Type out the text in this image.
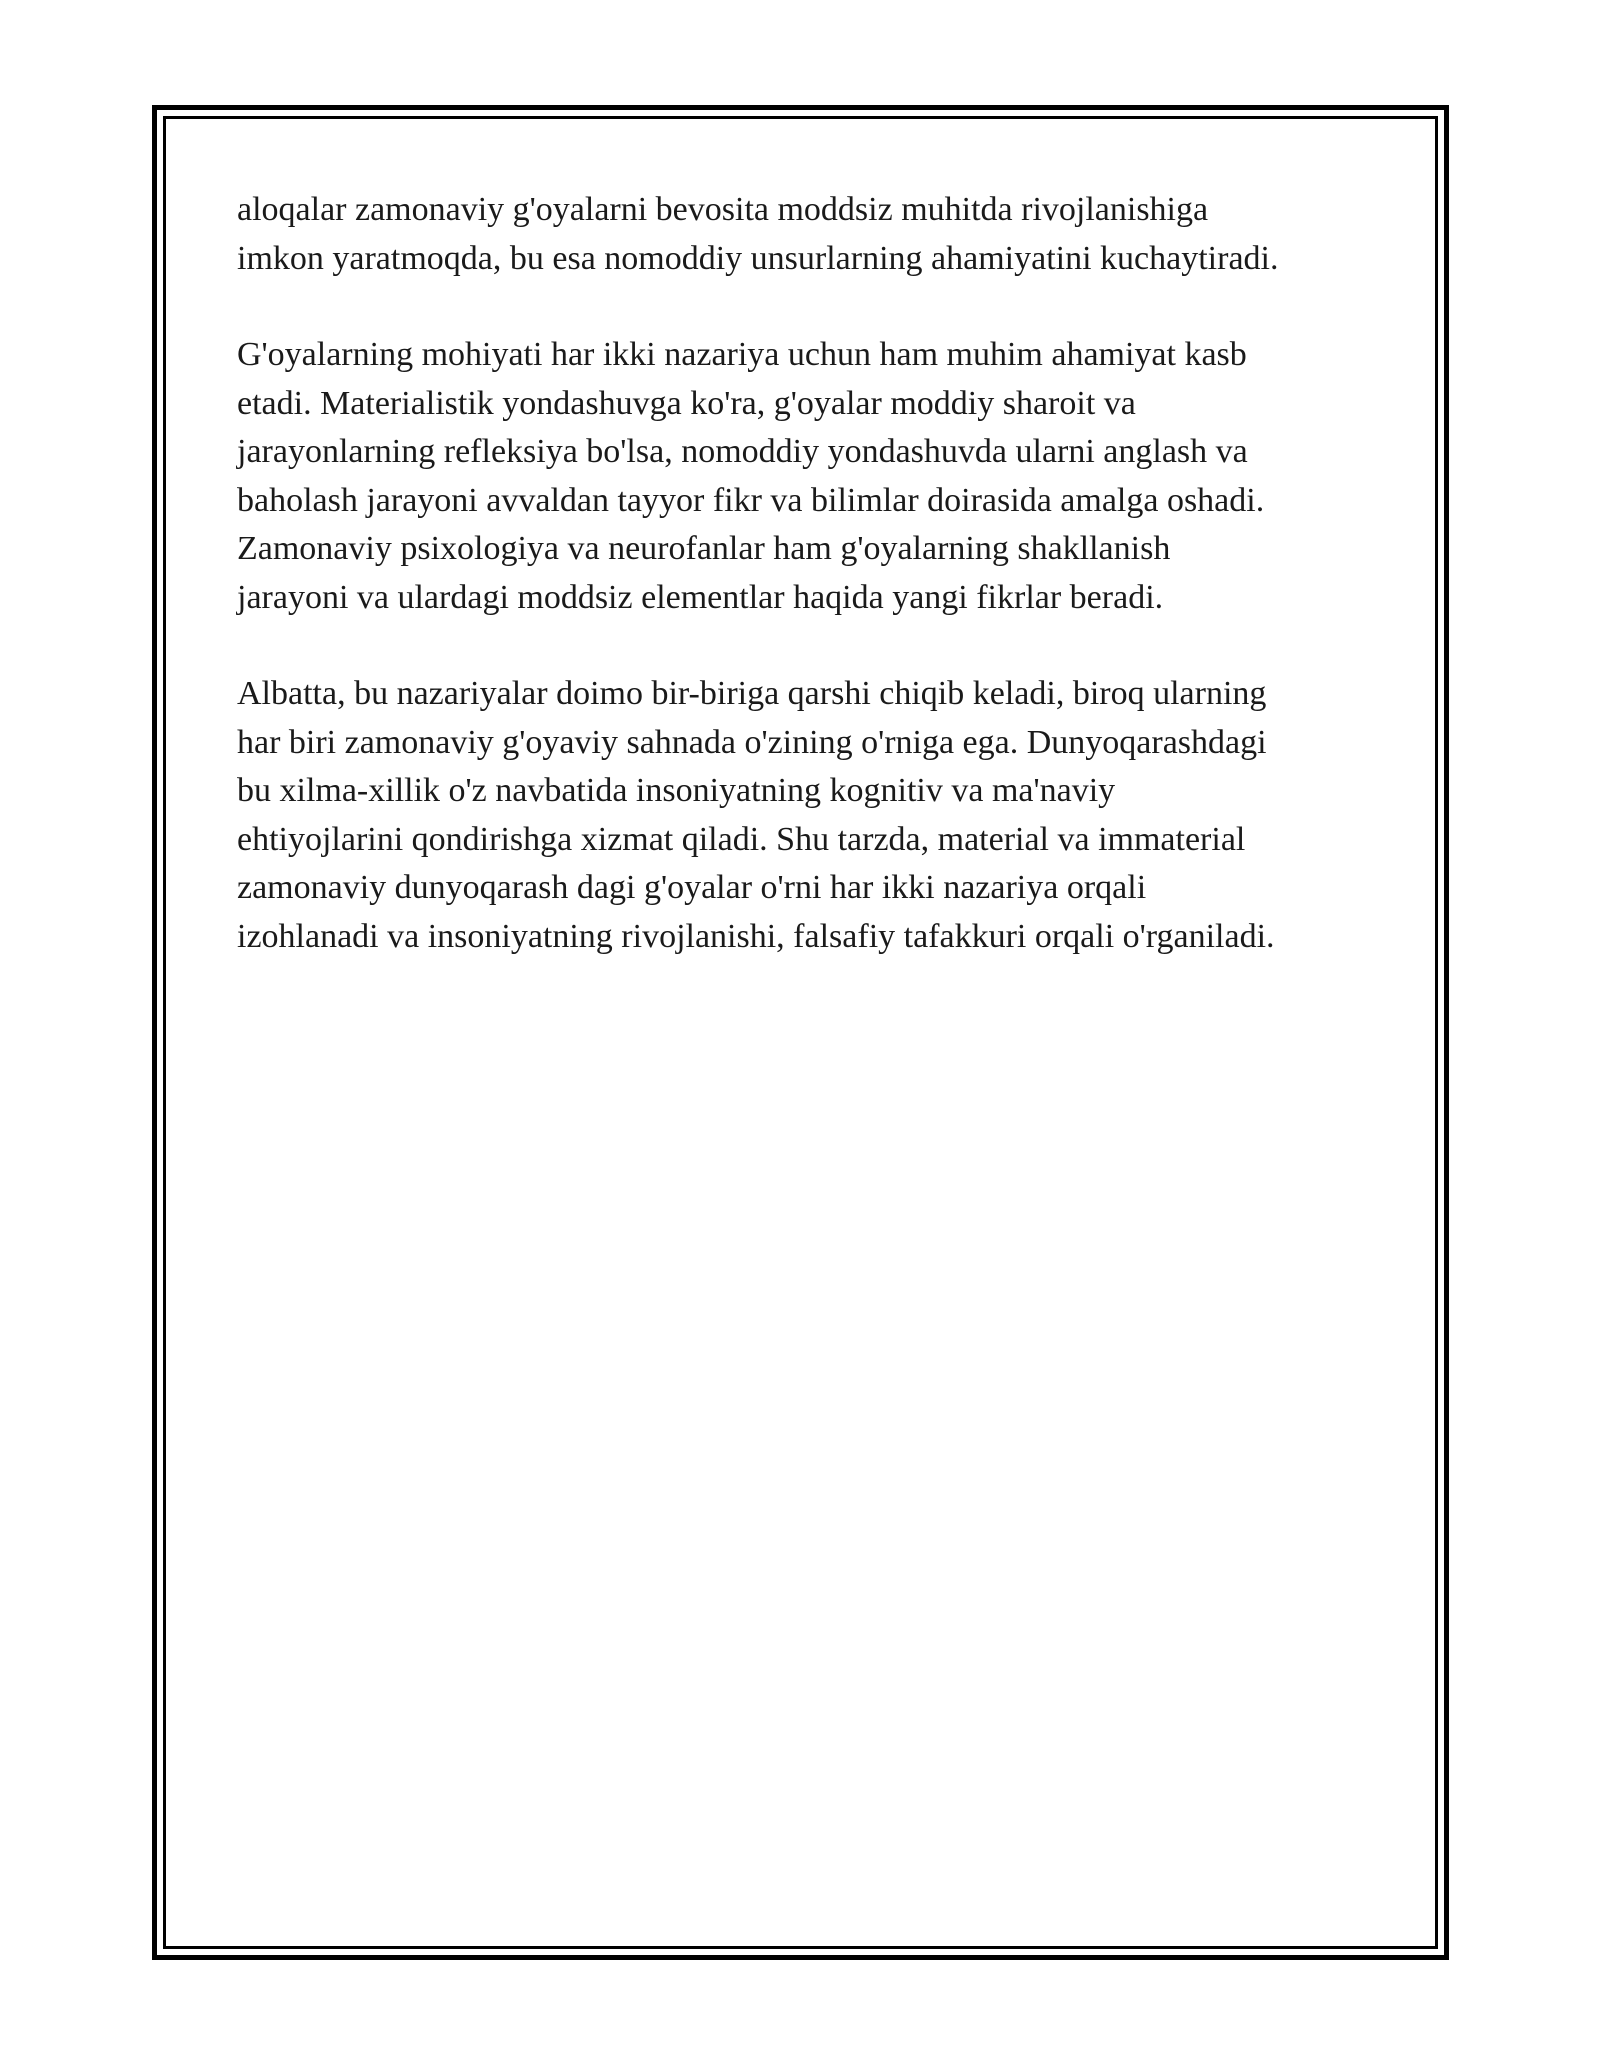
aloqalar zamonaviy g'oyalarni bevosita moddsiz muhitda rivojlanishiga
imkon yaratmoqda, bu esa nomoddiy unsurlarning ahamiyatini kuchaytiradi.

G'oyalarning mohiyati har ikki nazariya uchun ham muhim ahamiyat kasb
etadi. Materialistik yondashuvga ko'ra, g'oyalar moddiy sharoit va
jarayonlarning refleksiya bo'lsa, nomoddiy yondashuvda ularni anglash va
baholash jarayoni avvaldan tayyor fikr va bilimlar doirasida amalga oshadi.
Zamonaviy psixologiya va neurofanlar ham g'oyalarning shakllanish
jarayoni va ulardagi moddsiz elementlar haqida yangi fikrlar beradi.

Albatta, bu nazariyalar doimo bir-biriga qarshi chiqib keladi, biroq ularning
har biri zamonaviy g'oyaviy sahnada o'zining o'rniga ega. Dunyoqarashdagi
bu xilma-xillik o'z navbatida insoniyatning kognitiv va ma'naviy
ehtiyojlarini qondirishga xizmat qiladi. Shu tarzda, material va immaterial
zamonaviy dunyoqarash dagi g'oyalar o'rni har ikki nazariya orqali
izohlanadi va insoniyatning rivojlanishi, falsafiy tafakkuri orqali o'rganiladi.
